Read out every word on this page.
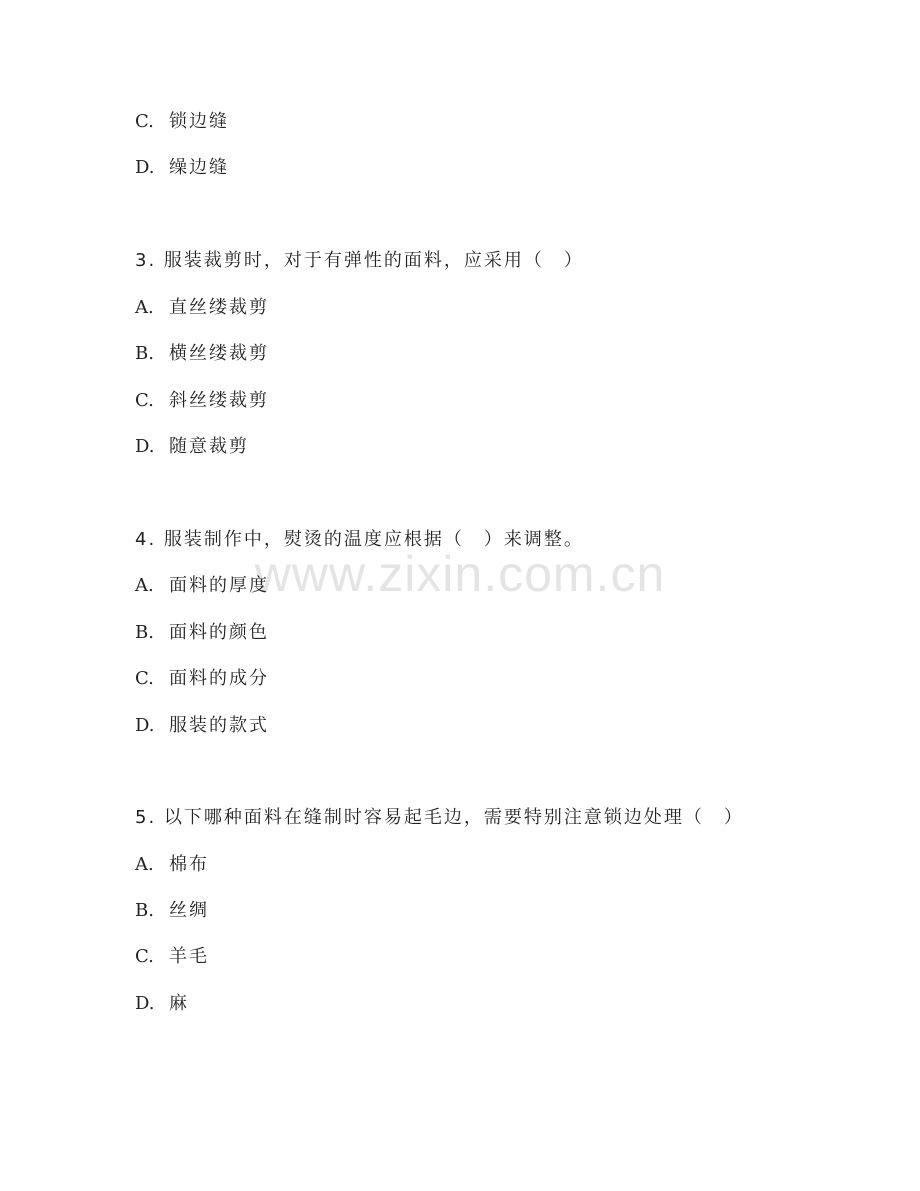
www.zixin.com.cn
C. 锁边缝
D. 缲边缝
3. 服装裁剪时，对于有弹性的面料，应采用（　）
A. 直丝缕裁剪
B. 横丝缕裁剪
C. 斜丝缕裁剪
D. 随意裁剪
4. 服装制作中，熨烫的温度应根据（　）来调整。
A. 面料的厚度
B. 面料的颜色
C. 面料的成分
D. 服装的款式
5. 以下哪种面料在缝制时容易起毛边，需要特别注意锁边处理（　）
A. 棉布
B. 丝绸
C. 羊毛
D. 麻
